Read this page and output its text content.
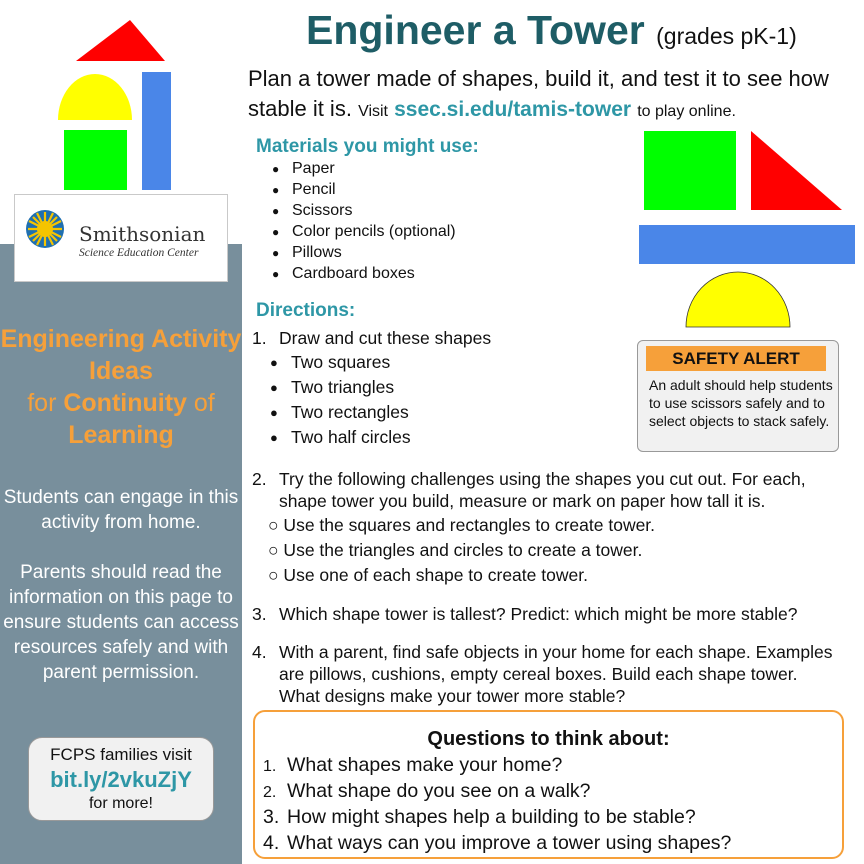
Smithsonian
Science Education Center
Engineering Activity Ideas
for Continuity of
Learning
Students can engage in this activity from home.
Parents should read the information on this page to ensure students can access resources safely and with parent permission.
FCPS families visit
bit.ly/2vkuZjY
for more!
Engineer a Tower (grades pK-1)
Plan a tower made of shapes, build it, and test it to see how stable it is. Visit ssec.si.edu/tamis-tower to play online.
Materials you might use:
● Paper
● Pencil
● Scissors
● Color pencils (optional)
● Pillows
● Cardboard boxes
Directions:
1. Draw and cut these shapes
● Two squares
● Two triangles
● Two rectangles
● Two half circles
2. Try the following challenges using the shapes you cut out. For each, shape tower you build, measure or mark on paper how tall it is.
○ Use the squares and rectangles to create tower.
○ Use the triangles and circles to create a tower.
○ Use one of each shape to create tower.
3. Which shape tower is tallest? Predict: which might be more stable?
4. With a parent, find safe objects in your home for each shape. Examples are pillows, cushions, empty cereal boxes. Build each shape tower. What designs make your tower more stable?
SAFETY ALERT
An adult should help students to use scissors safely and to select objects to stack safely.
Questions to think about:
1. What shapes make your home?
2. What shape do you see on a walk?
3. How might shapes help a building to be stable?
4. What ways can you improve a tower using shapes?
